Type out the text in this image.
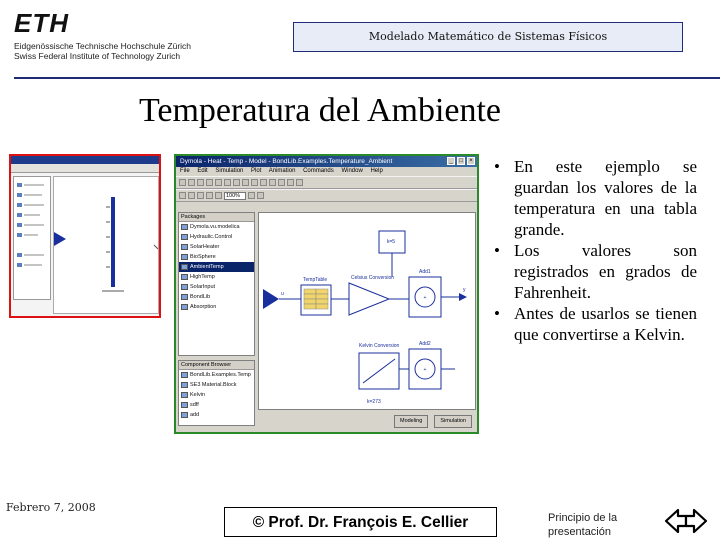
ETH
Eidgenössische Technische Hochschule Zürich
Swiss Federal Institute of Technology Zurich
Modelado Matemático de Sistemas Físicos
Temperatura del Ambiente
Dymola - Heat - Temp - Model - BondLib.Examples.Temperature_Ambient	_	□	×
File Edit Simulation Plot Animation Commands Window Help
100%
Packages
Dymola.vu.modelica
Hydraulic.Control
SolarHeater
BioSphere
AmbientTemp
HighTemp
SolarInput
BondLib
Absorption
Component Browser
BondLib.Examples.Temp
SE3 Material.Block
Kelvin
sdff
add
u
TempTable
k=5
Celsius Conversion
Add1
+
y
Kelvin Conversion
k=273
Add2
+
Modeling	Simulation
• En este ejemplo se guardan los valores de la temperatura en una tabla grande.
• Los valores son registrados en grados de Fahrenheit.
• Antes de usarlos se tienen que convertirse a Kelvin.
Febrero 7, 2008
© Prof. Dr. François E. Cellier	Principio de la presentación
